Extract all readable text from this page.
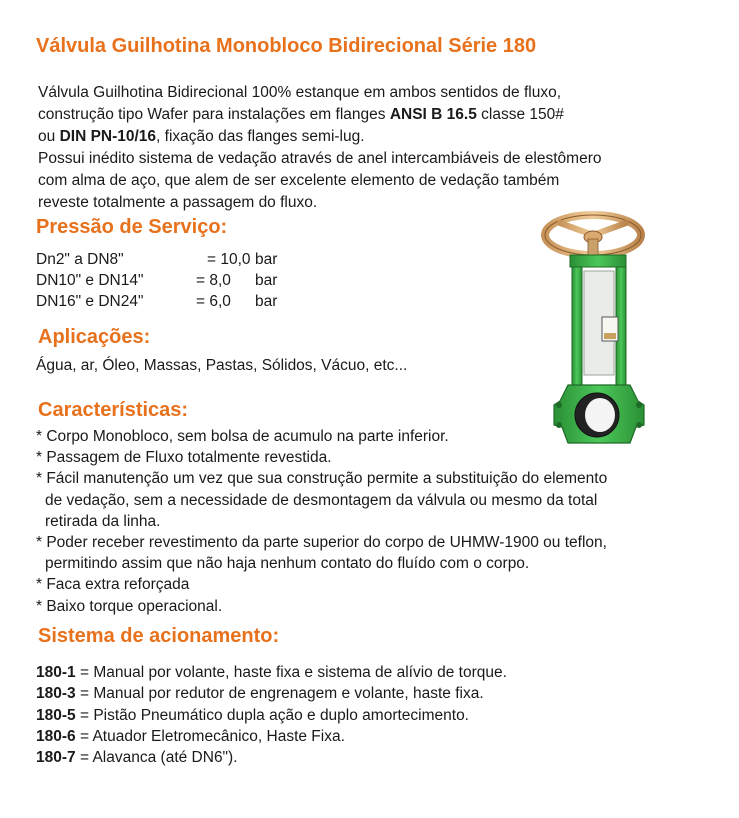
Válvula Guilhotina Monobloco Bidirecional Série 180
Válvula Guilhotina Bidirecional 100% estanque em ambos sentidos de fluxo,
construção tipo Wafer para instalações em flanges ANSI B 16.5 classe 150#
ou DIN PN-10/16, fixação das flanges semi-lug.
Possui inédito sistema de vedação através de anel intercambiáveis de elestômero
com alma de aço, que alem de ser excelente elemento de vedação também
reveste totalmente a passagem do fluxo.
Pressão de Serviço:
Dn2" a DN8"	= 10,0 bar
DN10" e DN14"	= 8,0 bar
DN16" e DN24"	= 6,0 bar
Aplicações:
Água, ar, Óleo, Massas, Pastas, Sólidos, Vácuo, etc...
Características:
* Corpo Monobloco, sem bolsa de acumulo na parte inferior.
* Passagem de Fluxo totalmente revestida.
* Fácil manutenção um vez que sua construção permite a substituição do elemento
de vedação, sem a necessidade de desmontagem da válvula ou mesmo da total
retirada da linha.
* Poder receber revestimento da parte superior do corpo de UHMW-1900 ou teflon,
permitindo assim que não haja nenhum contato do fluído com o corpo.
* Faca extra reforçada
* Baixo torque operacional.
Sistema de acionamento:
180-1 = Manual por volante, haste fixa e sistema de alívio de torque.
180-3 = Manual por redutor de engrenagem e volante, haste fixa.
180-5 = Pistão Pneumático dupla ação e duplo amortecimento.
180-6 = Atuador Eletromecânico, Haste Fixa.
180-7 = Alavanca (até DN6").
